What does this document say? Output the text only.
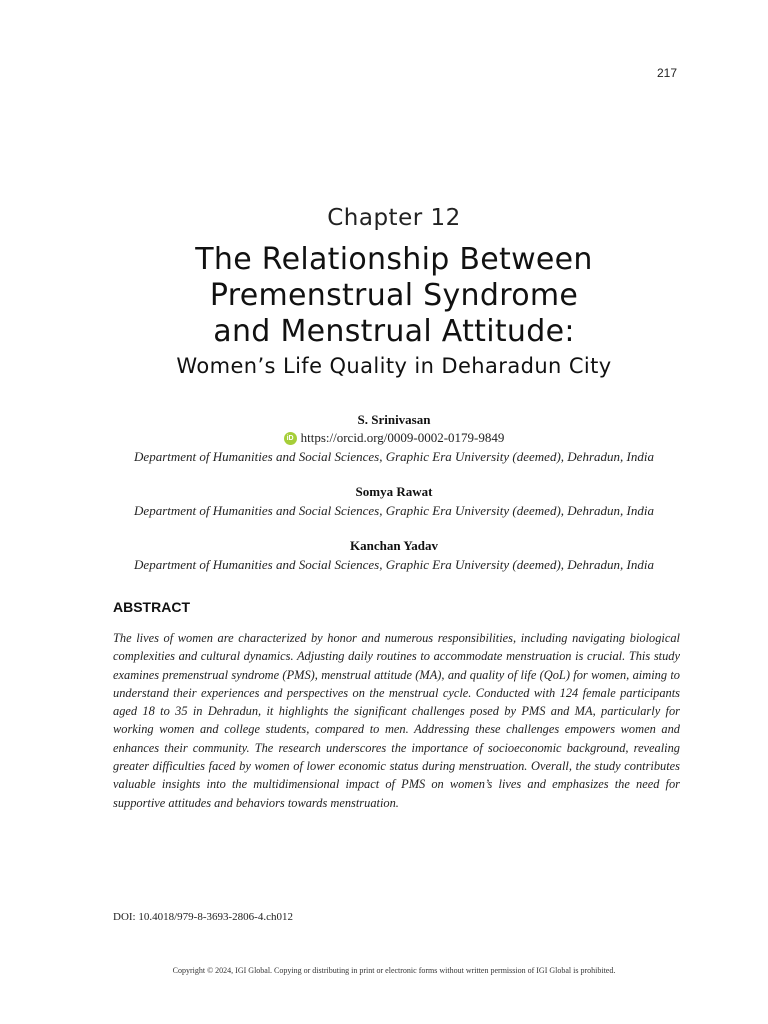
217
Chapter 12
The Relationship Between
Premenstrual Syndrome
and Menstrual Attitude:
Women’s Life Quality in Deharadun City
S. Srinivasan
iD https://orcid.org/0009-0002-0179-9849
Department of Humanities and Social Sciences, Graphic Era University (deemed), Dehradun, India
Somya Rawat
Department of Humanities and Social Sciences, Graphic Era University (deemed), Dehradun, India
Kanchan Yadav
Department of Humanities and Social Sciences, Graphic Era University (deemed), Dehradun, India
ABSTRACT

The lives of women are characterized by honor and numerous responsibilities, including navigating biological complexities and cultural dynamics. Adjusting daily routines to accommodate menstruation is crucial. This study examines premenstrual syndrome (PMS), menstrual attitude (MA), and quality of life (QoL) for women, aiming to understand their experiences and perspectives on the menstrual cycle. Conducted with 124 female participants aged 18 to 35 in Dehradun, it highlights the significant challenges posed by PMS and MA, particularly for working women and college students, compared to men. Addressing these challenges empowers women and enhances their community. The research underscores the importance of socioeconomic background, revealing greater difficulties faced by women of lower economic status during menstruation. Overall, the study contributes valuable insights into the multidimensional impact of PMS on women’s lives and emphasizes the need for supportive attitudes and behaviors towards menstruation.

DOI: 10.4018/979-8-3693-2806-4.ch012
Copyright © 2024, IGI Global. Copying or distributing in print or electronic forms without written permission of IGI Global is prohibited.
